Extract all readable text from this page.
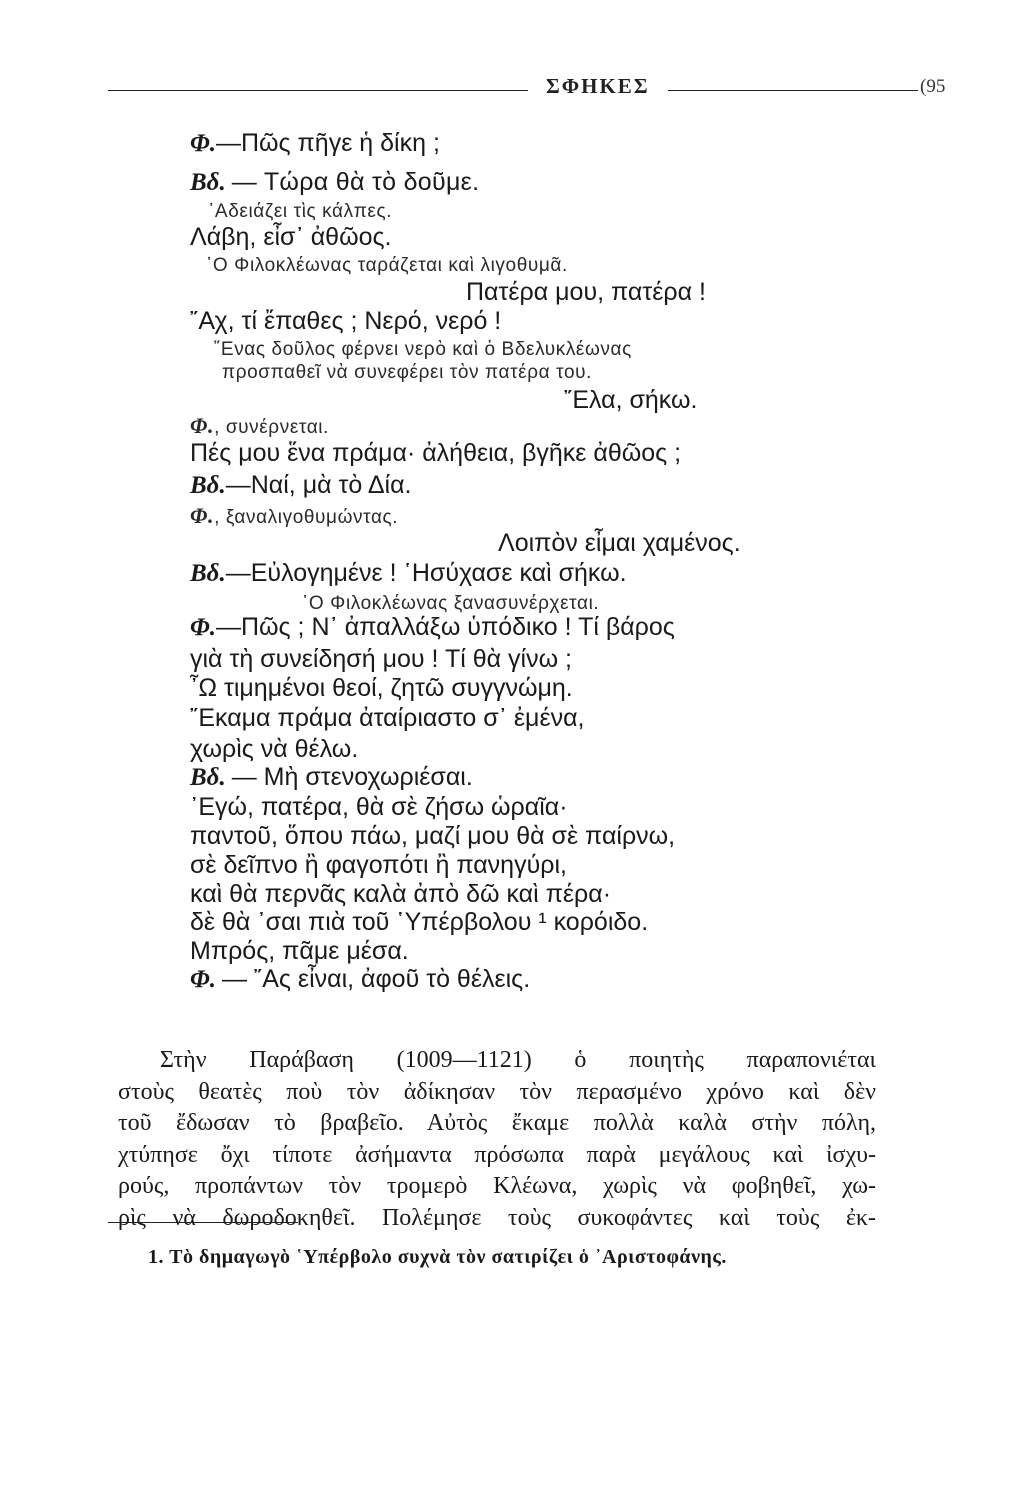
ΣΦΗΚΕΣ	(95
Φ.—Πῶς πῆγε ἡ δίκη ;
Βδ. — Τώρα θὰ τὸ δοῦμε.
᾿Αδειάζει τὶς κάλπες.
Λάβη, εἶσ᾿ ἀθῶος.
῾Ο Φιλοκλέωνας ταράζεται καὶ λιγοθυμᾶ.
Πατέρα μου, πατέρα !
῎Αχ, τί ἔπαθες ; Νερό, νερό !
῞Ενας δοῦλος φέρνει νερὸ καὶ ὁ Βδελυκλέωνας
προσπαθεῖ νὰ συνεφέρει τὸν πατέρα του.
῎Ελα, σήκω.
Φ., συνέρνεται.
Πές μου ἕνα πράμα· ἀλήθεια, βγῆκε ἀθῶος ;
Βδ.—Ναί, μὰ τὸ Δία.
Φ., ξαναλιγοθυμώντας.
Λοιπὸν εἶμαι χαμένος.
Βδ.—Εὐλογημένε ! ῾Ησύχασε καὶ σήκω.
῾Ο Φιλοκλέωνας ξανασυνέρχεται.
Φ.—Πῶς ; Ν᾿ ἀπαλλάξω ὑπόδικο ! Τί βάρος
γιὰ τὴ συνείδησή μου ! Τί θὰ γίνω ;
῏Ω τιμημένοι θεοί, ζητῶ συγγνώμη.
῎Εκαμα πράμα ἀταίριαστο σ᾿ ἐμένα,
χωρὶς νὰ θέλω.
Βδ. — Μὴ στενοχωριέσαι.
᾿Εγώ, πατέρα, θὰ σὲ ζήσω ὡραῖα·
παντοῦ, ὅπου πάω, μαζί μου θὰ σὲ παίρνω,
σὲ δεῖπνο ἢ φαγοπότι ἢ πανηγύρι,
καὶ θὰ περνᾶς καλὰ ἀπὸ δῶ καὶ πέρα·
δὲ θὰ ᾿σαι πιὰ τοῦ ῾Υπέρβολου ¹ κορόιδο.
Μπρός, πᾶμε μέσα.
Φ. — ῎Ας εἶναι, ἀφοῦ τὸ θέλεις.
Στὴν Παράβαση (1009—1121) ὁ ποιητὴς παραπονιέται
στοὺς θεατὲς ποὺ τὸν ἀδίκησαν τὸν περασμένο χρόνο καὶ δὲν
τοῦ ἔδωσαν τὸ βραβεῖο. Αὐτὸς ἔκαμε πολλὰ καλὰ στὴν πόλη,
χτύπησε ὄχι τίποτε ἀσήμαντα πρόσωπα παρὰ μεγάλους καὶ ἰσχυ-
ρούς, προπάντων τὸν τρομερὸ Κλέωνα, χωρὶς νὰ φοβηθεῖ, χω-
ρὶς νὰ δωροδοκηθεῖ. Πολέμησε τοὺς συκοφάντες καὶ τοὺς ἐκ-
1. Τὸ δημαγωγὸ ῾Υπέρβολο συχνὰ τὸν σατιρίζει ὁ ᾿Αριστοφάνης.
